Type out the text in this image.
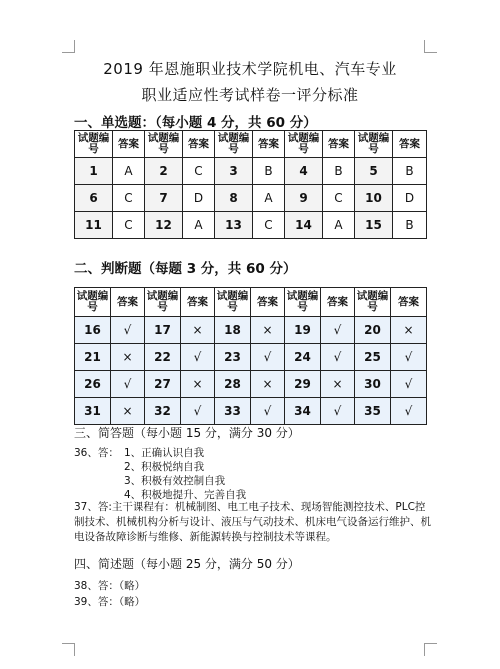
2019 年恩施职业技术学院机电、汽车专业
职业适应性考试样卷一评分标准
一、单选题：（每小题 4 分，共 60 分）
试题编号	答案	试题编号	答案	试题编号	答案	试题编号	答案	试题编号	答案
1	A	2	C	3	B	4	B	5	B
6	C	7	D	8	A	9	C	10	D
11	C	12	A	13	C	14	A	15	B
二、判断题（每题 3 分，共 60 分）
试题编号	答案	试题编号	答案	试题编号	答案	试题编号	答案	试题编号	答案
16	√	17	×	18	×	19	√	20	×
21	×	22	√	23	√	24	√	25	√
26	√	27	×	28	×	29	×	30	√
31	×	32	√	33	√	34	√	35	√
三、简答题（每小题 15 分，满分 30 分）
36、答： 1、正确认识自我
2、积极悦纳自我
3、积极有效控制自我
4、积极地提升、完善自我
37、答:主干课程有：机械制图、电工电子技术、现场智能测控技术、PLC控制技术、机械机构分析与设计、液压与气动技术、机床电气设备运行维护、机电设备故障诊断与维修、新能源转换与控制技术等课程。
四、简述题（每小题 25 分，满分 50 分）
38、答：（略）
39、答：（略）
